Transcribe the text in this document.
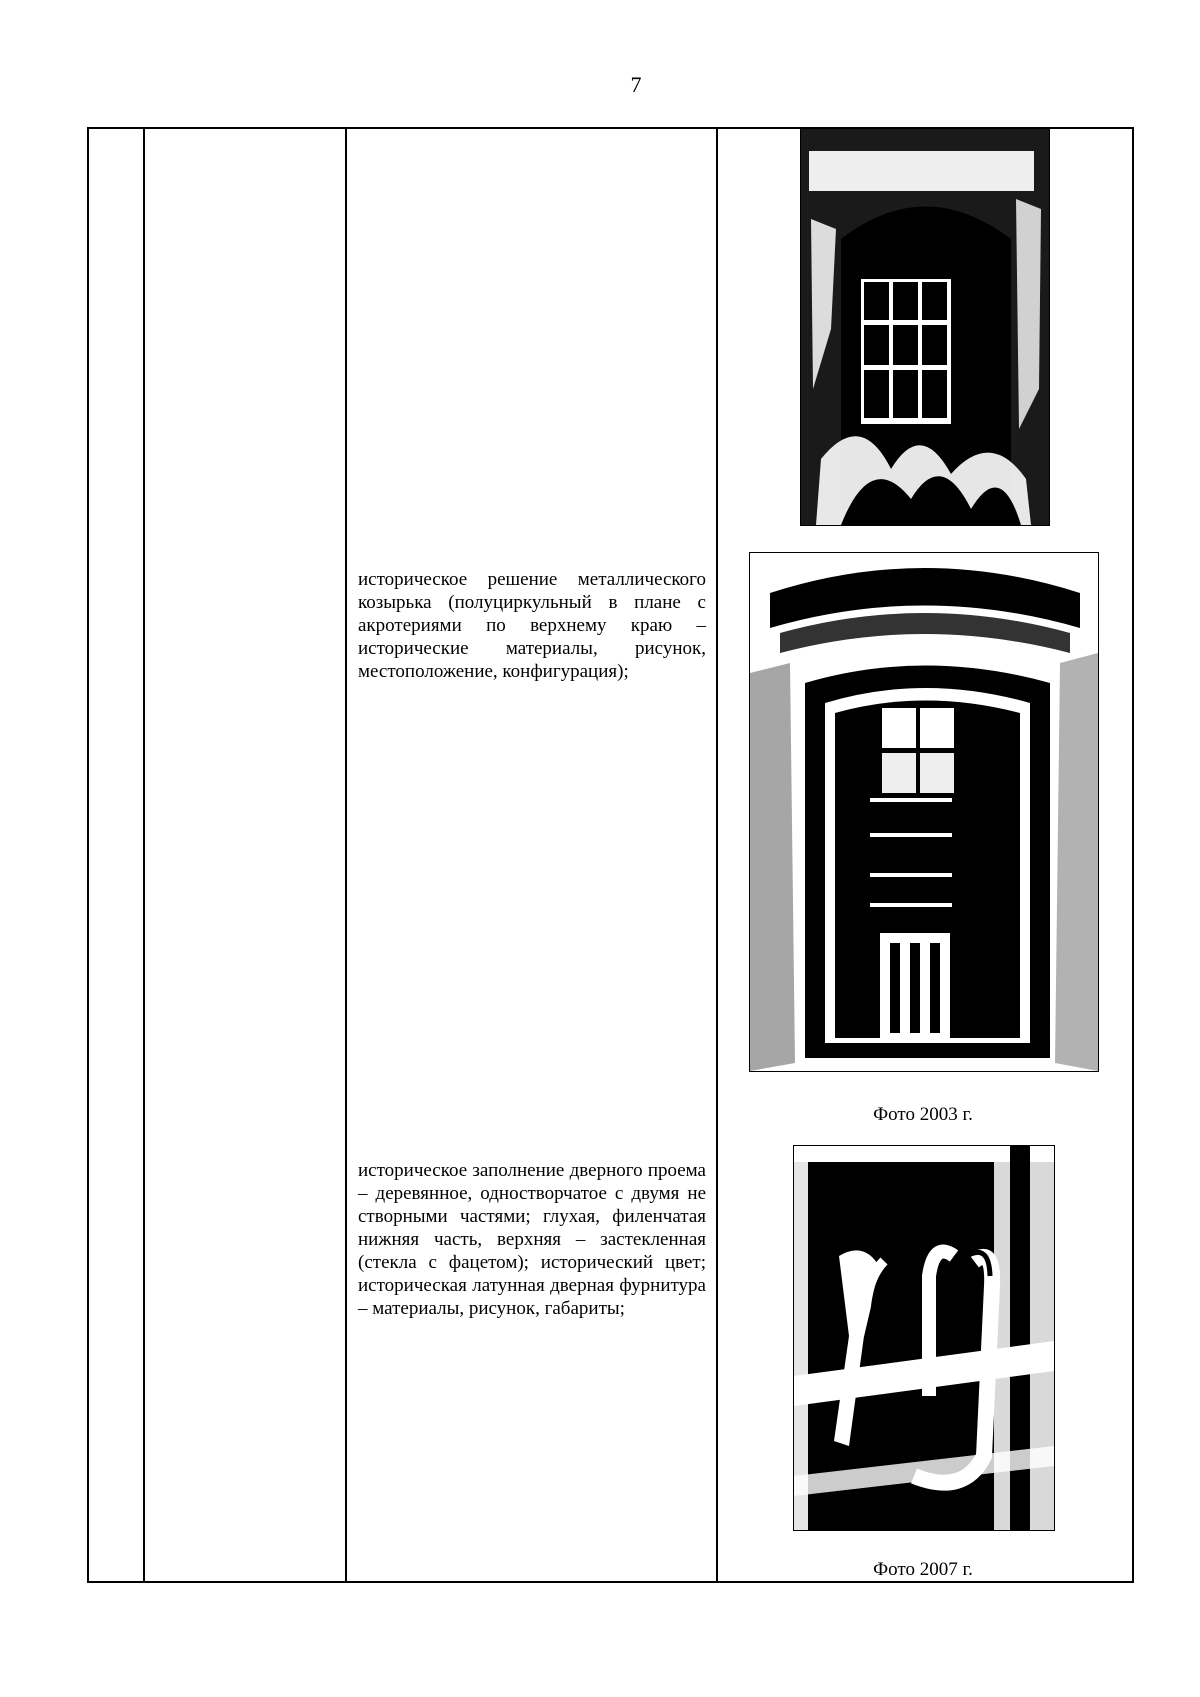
7
историческое решение металлического козырька (полуциркульный в плане с акротериями по верхнему краю – исторические материалы, рисунок, местоположение, конфигурация);
Фото 2003 г.
историческое заполнение дверного проема – деревянное, одностворчатое с двумя не створными частями; глухая, филенчатая нижняя часть, верхняя – застекленная (стекла с фацетом); исторический цвет; историческая латунная дверная фурнитура – материалы, рисунок, габариты;
Фото 2007 г.
